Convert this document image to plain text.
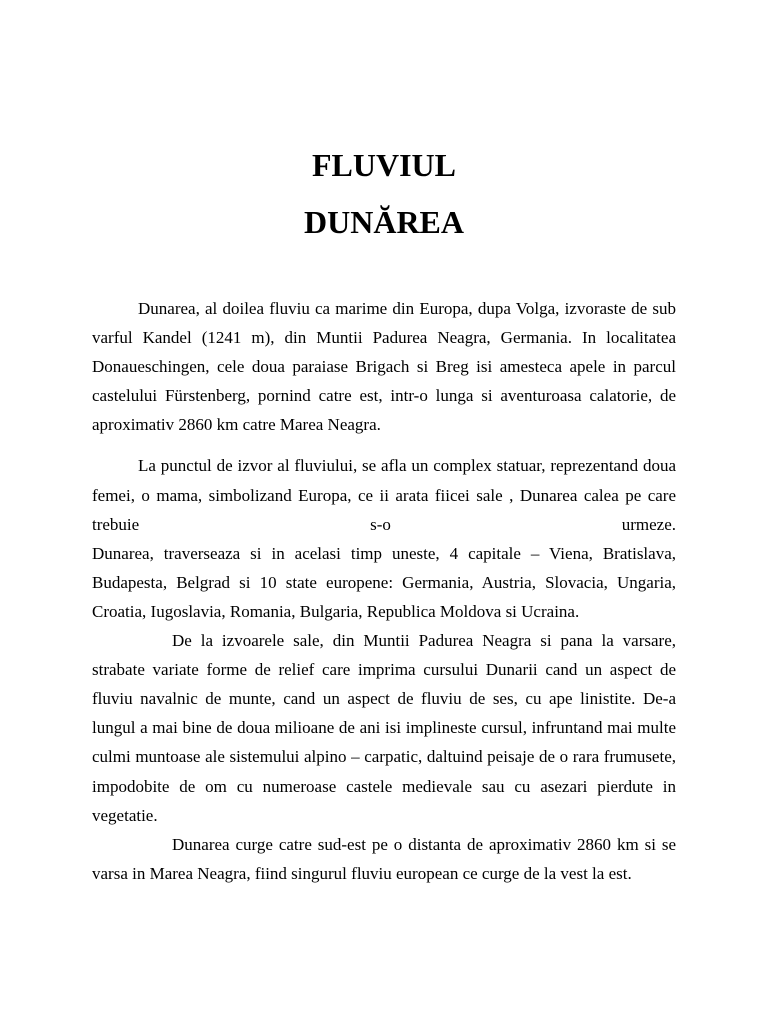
FLUVIUL
DUNĂREA

Dunarea, al doilea fluviu ca marime din Europa, dupa Volga, izvoraste de sub varful Kandel (1241 m), din Muntii Padurea Neagra, Germania. In localitatea Donaueschingen, cele doua paraiase Brigach si Breg isi amesteca apele in parcul castelului Fürstenberg, pornind catre est, intr-o lunga si aventuroasa calatorie, de aproximativ 2860 km catre Marea Neagra.

La punctul de izvor al fluviului, se afla un complex statuar, reprezentand doua femei, o mama, simbolizand Europa, ce ii arata fiicei sale , Dunarea calea pe care trebuie s-o urmeze.

Dunarea, traverseaza si in acelasi timp uneste, 4 capitale – Viena, Bratislava, Budapesta, Belgrad si 10 state europene: Germania, Austria, Slovacia, Ungaria, Croatia, Iugoslavia, Romania, Bulgaria, Republica Moldova si Ucraina.

De la izvoarele sale, din Muntii Padurea Neagra si pana la varsare, strabate variate forme de relief care imprima cursului Dunarii cand un aspect de fluviu navalnic de munte, cand un aspect de fluviu de ses, cu ape linistite. De-a lungul a mai bine de doua milioane de ani isi implineste cursul, infruntand mai multe culmi muntoase ale sistemului alpino – carpatic, daltuind peisaje de o rara frumusete, impodobite de om cu numeroase castele medievale sau cu asezari pierdute in vegetatie.

Dunarea curge catre sud-est pe o distanta de aproximativ 2860 km si se varsa in Marea Neagra, fiind singurul fluviu european ce curge de la vest la est.
